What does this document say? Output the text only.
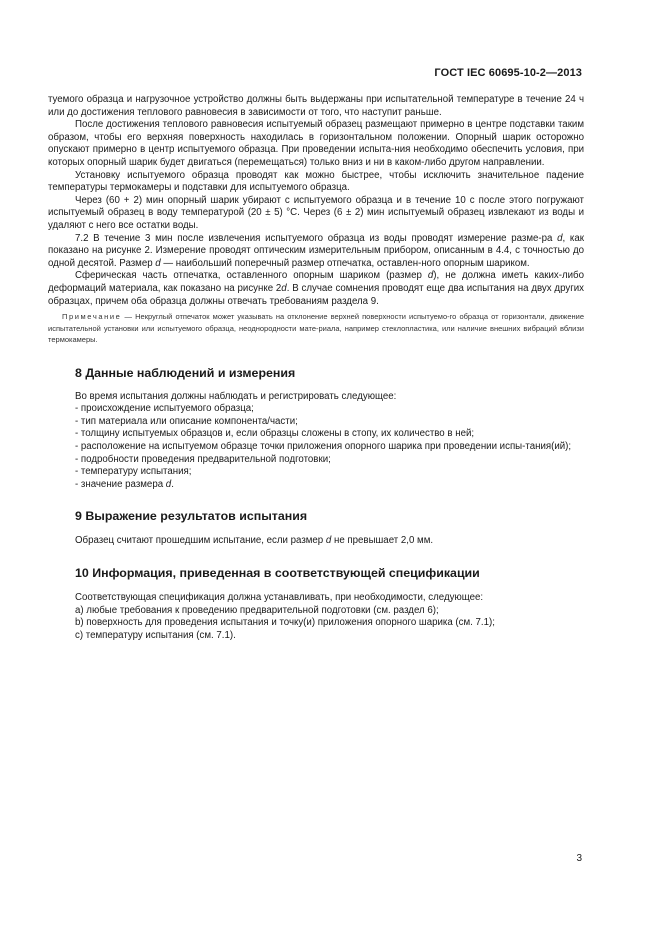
ГОСТ IEC 60695-10-2—2013

туемого образца и нагрузочное устройство должны быть выдержаны при испытательной температуре в течение 24 ч или до достижения теплового равновесия в зависимости от того, что наступит раньше.

После достижения теплового равновесия испытуемый образец размещают примерно в центре подставки таким образом, чтобы его верхняя поверхность находилась в горизонтальном положении. Опорный шарик осторожно опускают примерно в центр испытуемого образца. При проведении испыта-ния необходимо обеспечить условия, при которых опорный шарик будет двигаться (перемещаться) только вниз и ни в каком-либо другом направлении.

Установку испытуемого образца проводят как можно быстрее, чтобы исключить значительное падение температуры термокамеры и подставки для испытуемого образца.

Через (60 + 2) мин опорный шарик убирают с испытуемого образца и в течение 10 с после этого погружают испытуемый образец в воду температурой (20 ± 5) °С. Через (6 ± 2) мин испытуемый образец извлекают из воды и удаляют с него все остатки воды.

7.2 В течение 3 мин после извлечения испытуемого образца из воды проводят измерение разме-ра d, как показано на рисунке 2. Измерение проводят оптическим измерительным прибором, описанным в 4.4, с точностью до одной десятой. Размер d — наибольший поперечный размер отпечатка, оставлен-ного опорным шариком.

Сферическая часть отпечатка, оставленного опорным шариком (размер d), не должна иметь каких-либо деформаций материала, как показано на рисунке 2d. В случае сомнения проводят еще два испытания на двух других образцах, причем оба образца должны отвечать требованиям раздела 9.

Примечание — Некруглый отпечаток может указывать на отклонение верхней поверхности испытуемо-го образца от горизонтали, движение испытательной установки или испытуемого образца, неоднородности мате-риала, например стеклопластика, или наличие внешних вибраций вблизи термокамеры.

8 Данные наблюдений и измерения

Во время испытания должны наблюдать и регистрировать следующее:

- происхождение испытуемого образца;

- тип материала или описание компонента/части;

- толщину испытуемых образцов и, если образцы сложены в стопу, их количество в ней;

- расположение на испытуемом образце точки приложения опорного шарика при проведении испы-тания(ий);

- подробности проведения предварительной подготовки;

- температуру испытания;

- значение размера d.

9 Выражение результатов испытания

Образец считают прошедшим испытание, если размер d не превышает 2,0 мм.

10 Информация, приведенная в соответствующей спецификации

Соответствующая спецификация должна устанавливать, при необходимости, следующее:

a) любые требования к проведению предварительной подготовки (см. раздел 6);

b) поверхность для проведения испытания и точку(и) приложения опорного шарика (см. 7.1);

c) температуру испытания (см. 7.1).

3
